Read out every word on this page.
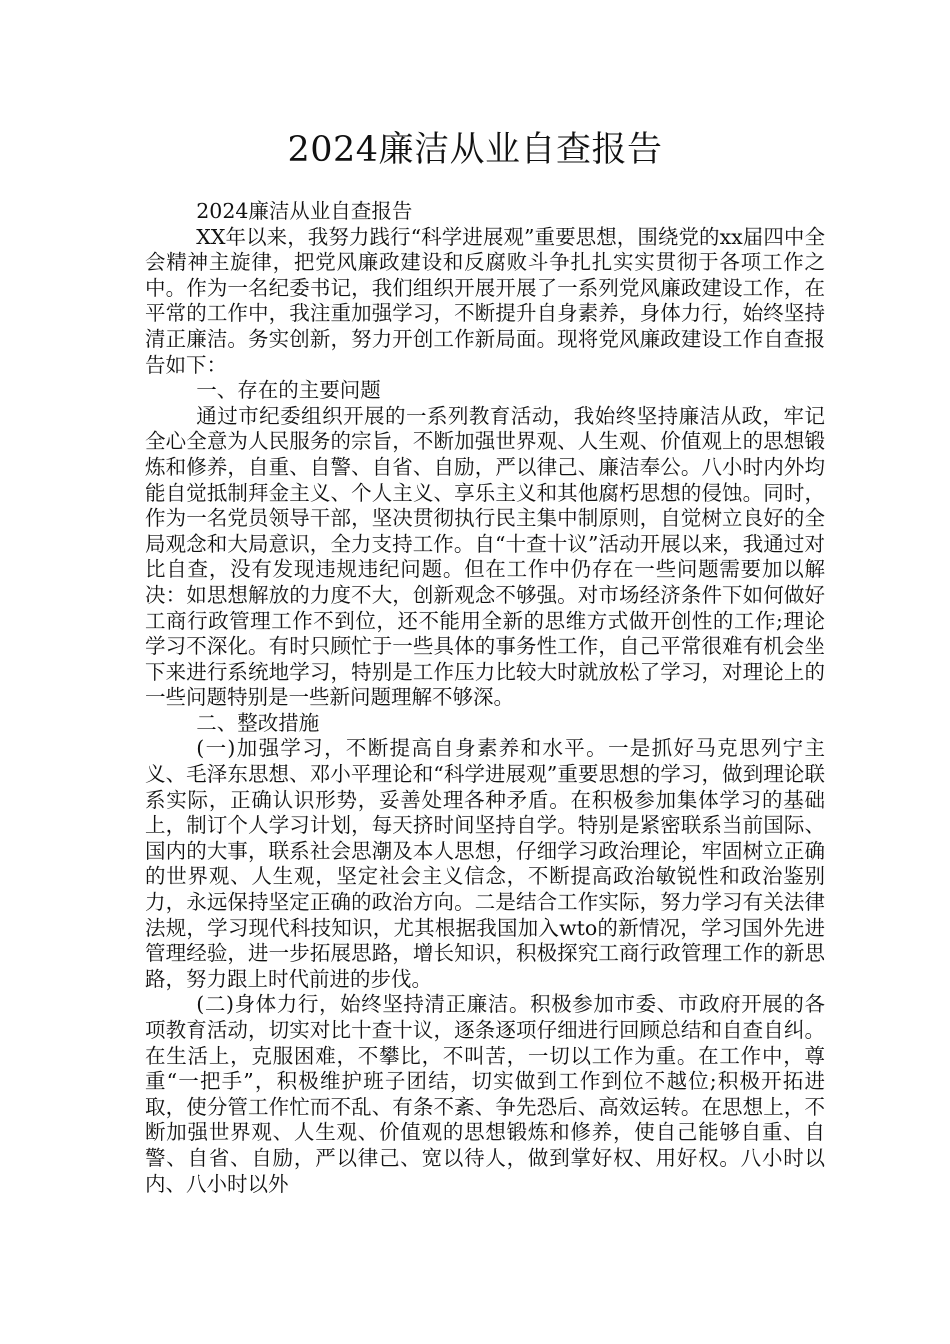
2024廉洁从业自查报告

2024廉洁从业自查报告

XX年以来，我努力践行“科学进展观”重要思想，围绕党的xx届四中全会精神主旋律，把党风廉政建设和反腐败斗争扎扎实实贯彻于各项工作之中。作为一名纪委书记，我们组织开展开展了一系列党风廉政建设工作，在平常的工作中，我注重加强学习，不断提升自身素养，身体力行，始终坚持清正廉洁。务实创新，努力开创工作新局面。现将党风廉政建设工作自查报告如下：

一、存在的主要问题

通过市纪委组织开展的一系列教育活动，我始终坚持廉洁从政，牢记全心全意为人民服务的宗旨，不断加强世界观、人生观、价值观上的思想锻炼和修养，自重、自警、自省、自励，严以律己、廉洁奉公。八小时内外均能自觉抵制拜金主义、个人主义、享乐主义和其他腐朽思想的侵蚀。同时，作为一名党员领导干部，坚决贯彻执行民主集中制原则，自觉树立良好的全局观念和大局意识，全力支持工作。自“十查十议”活动开展以来，我通过对比自查，没有发现违规违纪问题。但在工作中仍存在一些问题需要加以解决：如思想解放的力度不大，创新观念不够强。对市场经济条件下如何做好工商行政管理工作不到位，还不能用全新的思维方式做开创性的工作;理论学习不深化。有时只顾忙于一些具体的事务性工作，自己平常很难有机会坐下来进行系统地学习，特别是工作压力比较大时就放松了学习，对理论上的一些问题特别是一些新问题理解不够深。

二、整改措施

(一)加强学习，不断提高自身素养和水平。一是抓好马克思列宁主义、毛泽东思想、邓小平理论和“科学进展观”重要思想的学习，做到理论联系实际，正确认识形势，妥善处理各种矛盾。在积极参加集体学习的基础上，制订个人学习计划，每天挤时间坚持自学。特别是紧密联系当前国际、国内的大事，联系社会思潮及本人思想，仔细学习政治理论，牢固树立正确的世界观、人生观，坚定社会主义信念，不断提高政治敏锐性和政治鉴别力，永远保持坚定正确的政治方向。二是结合工作实际，努力学习有关法律法规，学习现代科技知识，尤其根据我国加入wto的新情况，学习国外先进管理经验，进一步拓展思路，增长知识，积极探究工商行政管理工作的新思路，努力跟上时代前进的步伐。

(二)身体力行，始终坚持清正廉洁。积极参加市委、市政府开展的各项教育活动，切实对比十查十议，逐条逐项仔细进行回顾总结和自查自纠。在生活上，克服困难，不攀比，不叫苦，一切以工作为重。在工作中，尊重“一把手”，积极维护班子团结，切实做到工作到位不越位;积极开拓进取，使分管工作忙而不乱、有条不紊、争先恐后、高效运转。在思想上，不断加强世界观、人生观、价值观的思想锻炼和修养，使自己能够自重、自警、自省、自励，严以律己、宽以待人，做到掌好权、用好权。八小时以内、八小时以外
